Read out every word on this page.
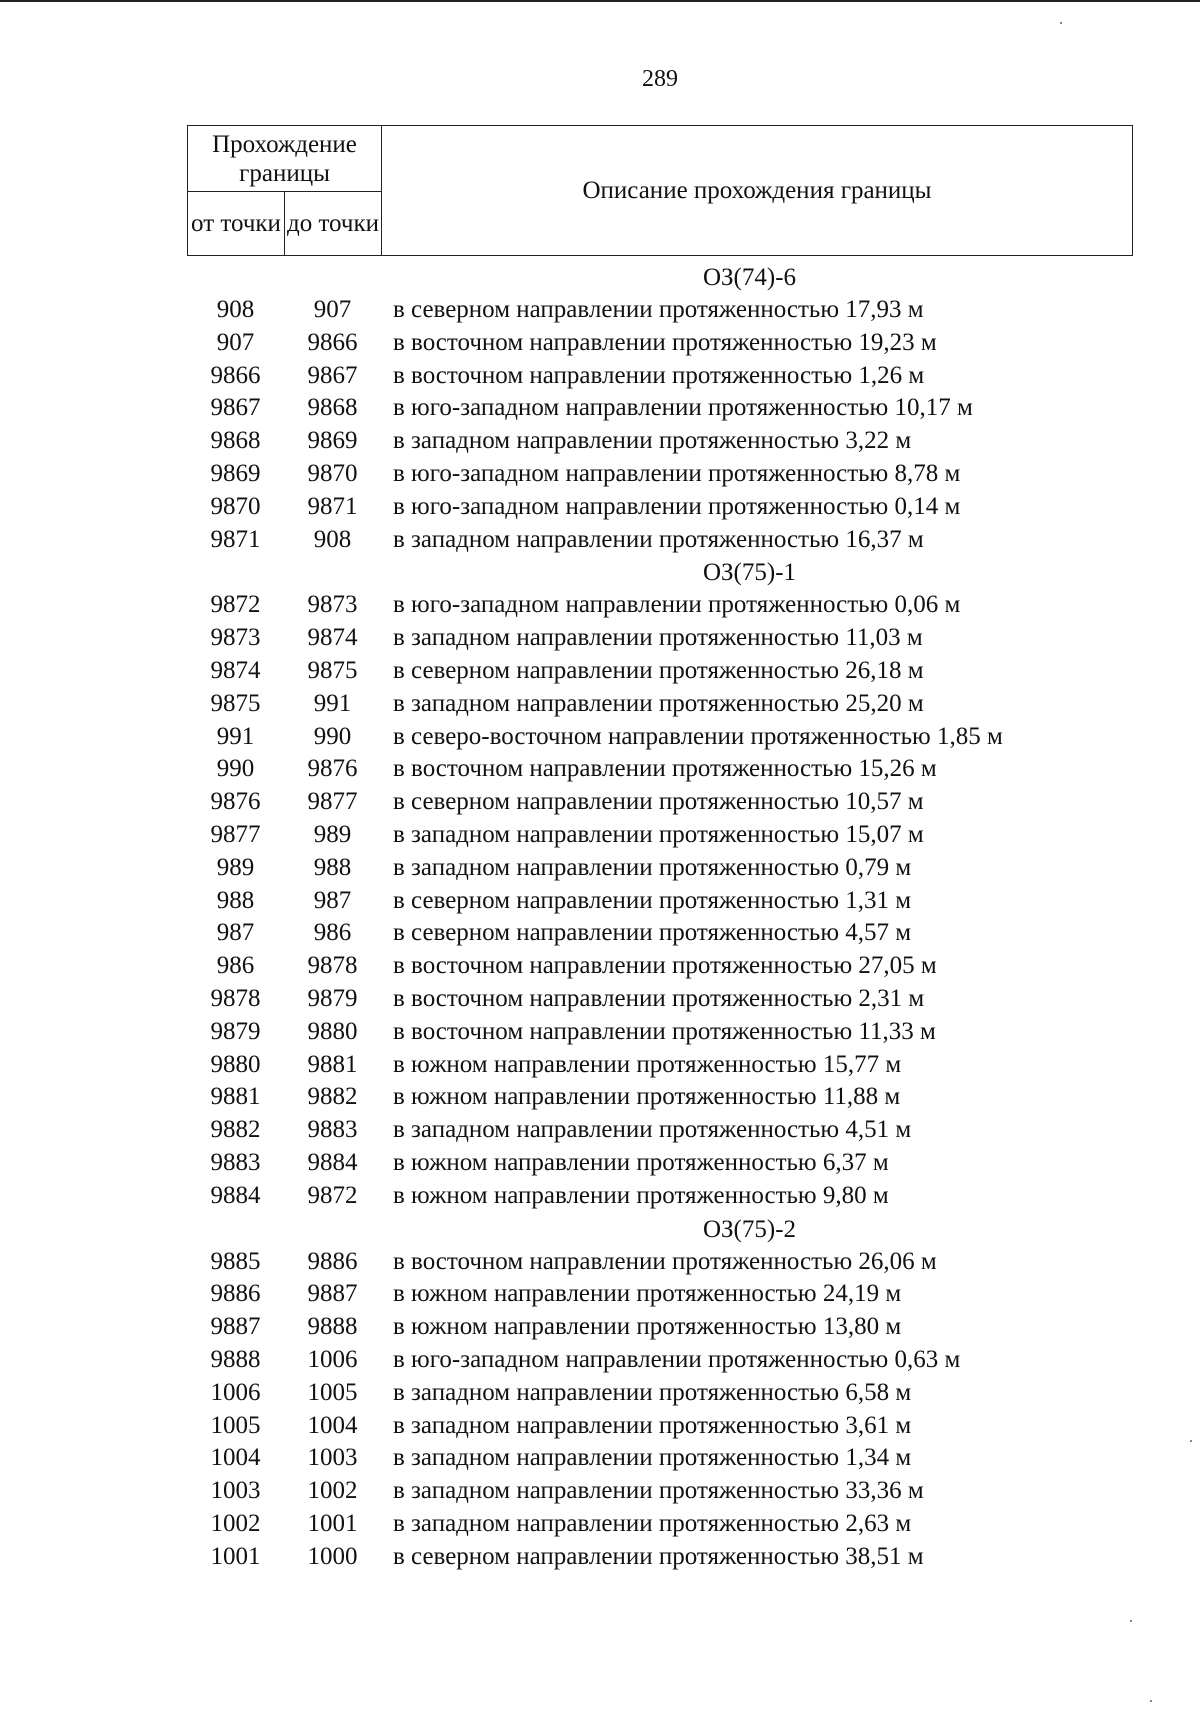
289
Прохождение границы		Описание прохождения границы
от точки	до точки	
ОЗ(74)-6
908	907	в северном направлении протяженностью 17,93 м
907	9866	в восточном направлении протяженностью 19,23 м
9866	9867	в восточном направлении протяженностью 1,26 м
9867	9868	в юго-западном направлении протяженностью 10,17 м
9868	9869	в западном направлении протяженностью 3,22 м
9869	9870	в юго-западном направлении протяженностью 8,78 м
9870	9871	в юго-западном направлении протяженностью 0,14 м
9871	908	в западном направлении протяженностью 16,37 м
ОЗ(75)-1
9872	9873	в юго-западном направлении протяженностью 0,06 м
9873	9874	в западном направлении протяженностью 11,03 м
9874	9875	в северном направлении протяженностью 26,18 м
9875	991	в западном направлении протяженностью 25,20 м
991	990	в северо-восточном направлении протяженностью 1,85 м
990	9876	в восточном направлении протяженностью 15,26 м
9876	9877	в северном направлении протяженностью 10,57 м
9877	989	в западном направлении протяженностью 15,07 м
989	988	в западном направлении протяженностью 0,79 м
988	987	в северном направлении протяженностью 1,31 м
987	986	в северном направлении протяженностью 4,57 м
986	9878	в восточном направлении протяженностью 27,05 м
9878	9879	в восточном направлении протяженностью 2,31 м
9879	9880	в восточном направлении протяженностью 11,33 м
9880	9881	в южном направлении протяженностью 15,77 м
9881	9882	в южном направлении протяженностью 11,88 м
9882	9883	в западном направлении протяженностью 4,51 м
9883	9884	в южном направлении протяженностью 6,37 м
9884	9872	в южном направлении протяженностью 9,80 м
ОЗ(75)-2
9885	9886	в восточном направлении протяженностью 26,06 м
9886	9887	в южном направлении протяженностью 24,19 м
9887	9888	в южном направлении протяженностью 13,80 м
9888	1006	в юго-западном направлении протяженностью 0,63 м
1006	1005	в западном направлении протяженностью 6,58 м
1005	1004	в западном направлении протяженностью 3,61 м
1004	1003	в западном направлении протяженностью 1,34 м
1003	1002	в западном направлении протяженностью 33,36 м
1002	1001	в западном направлении протяженностью 2,63 м
1001	1000	в северном направлении протяженностью 38,51 м
